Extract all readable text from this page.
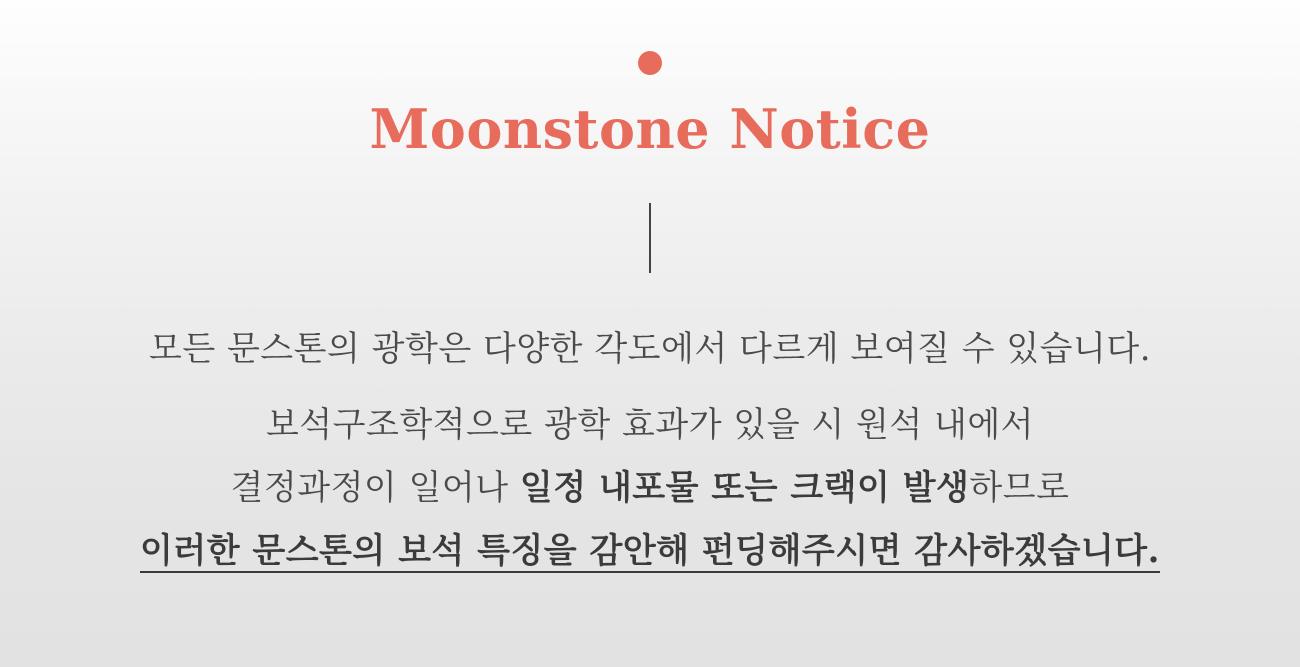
Moonstone Notice

모든 문스톤의 광학은 다양한 각도에서 다르게 보여질 수 있습니다.

보석구조학적으로 광학 효과가 있을 시 원석 내에서
결정과정이 일어나 일정 내포물 또는 크랙이 발생하므로
이러한 문스톤의 보석 특징을 감안해 펀딩해주시면 감사하겠습니다.
